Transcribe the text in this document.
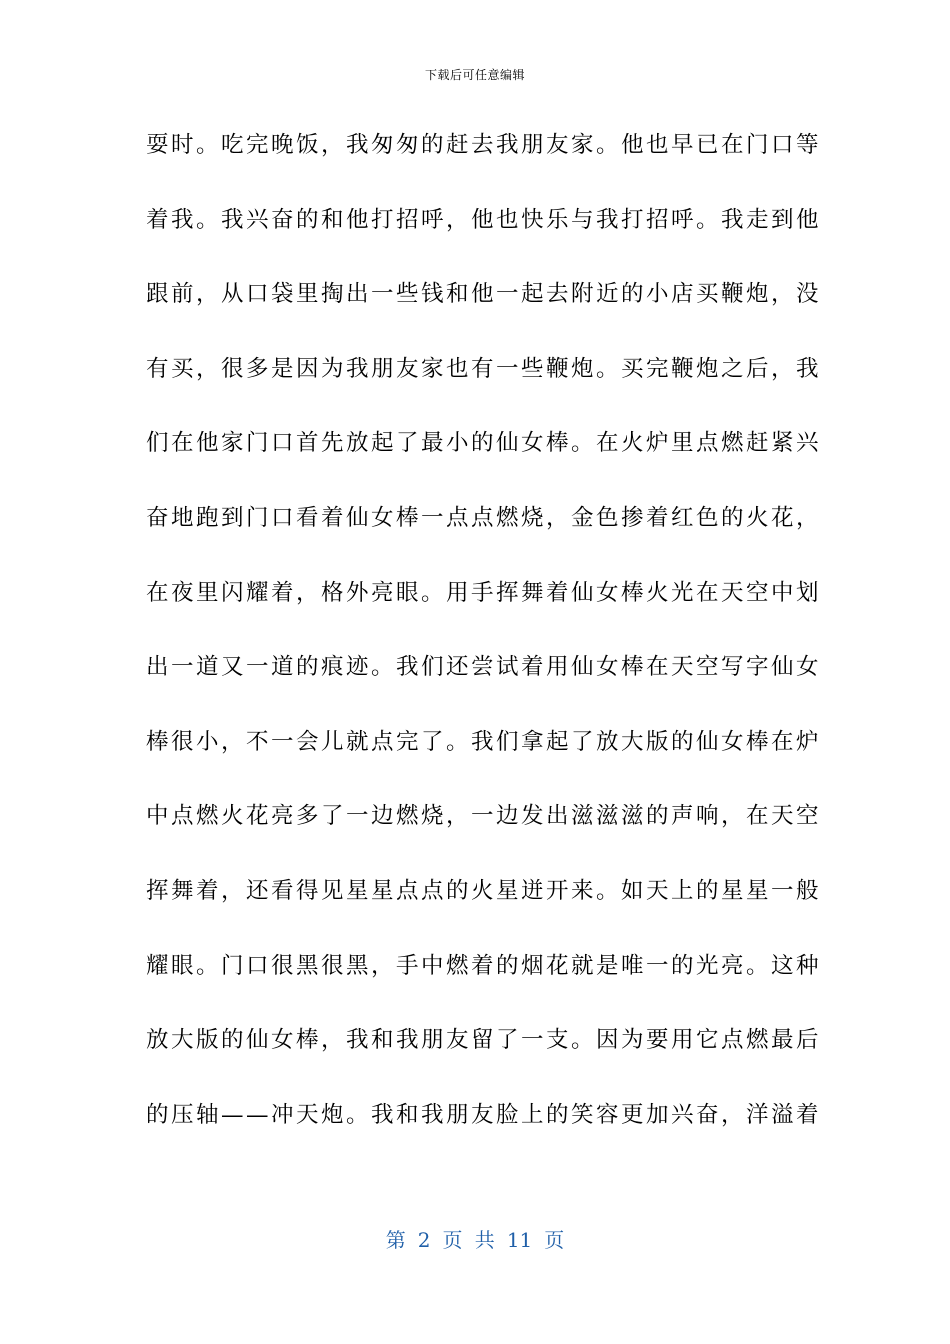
下载后可任意编辑
耍时。吃完晚饭，我匆匆的赶去我朋友家。他也早已在门口等
着我。我兴奋的和他打招呼，他也快乐与我打招呼。我走到他
跟前，从口袋里掏出一些钱和他一起去附近的小店买鞭炮，没
有买，很多是因为我朋友家也有一些鞭炮。买完鞭炮之后，我
们在他家门口首先放起了最小的仙女棒。在火炉里点燃赶紧兴
奋地跑到门口看着仙女棒一点点燃烧，金色掺着红色的火花，
在夜里闪耀着，格外亮眼。用手挥舞着仙女棒火光在天空中划
出一道又一道的痕迹。我们还尝试着用仙女棒在天空写字仙女
棒很小，不一会儿就点完了。我们拿起了放大版的仙女棒在炉
中点燃火花亮多了一边燃烧，一边发出滋滋滋的声响，在天空
挥舞着，还看得见星星点点的火星迸开来。如天上的星星一般
耀眼。门口很黑很黑，手中燃着的烟花就是唯一的光亮。这种
放大版的仙女棒，我和我朋友留了一支。因为要用它点燃最后
的压轴——冲天炮。我和我朋友脸上的笑容更加兴奋，洋溢着
第 2 页 共 11 页
